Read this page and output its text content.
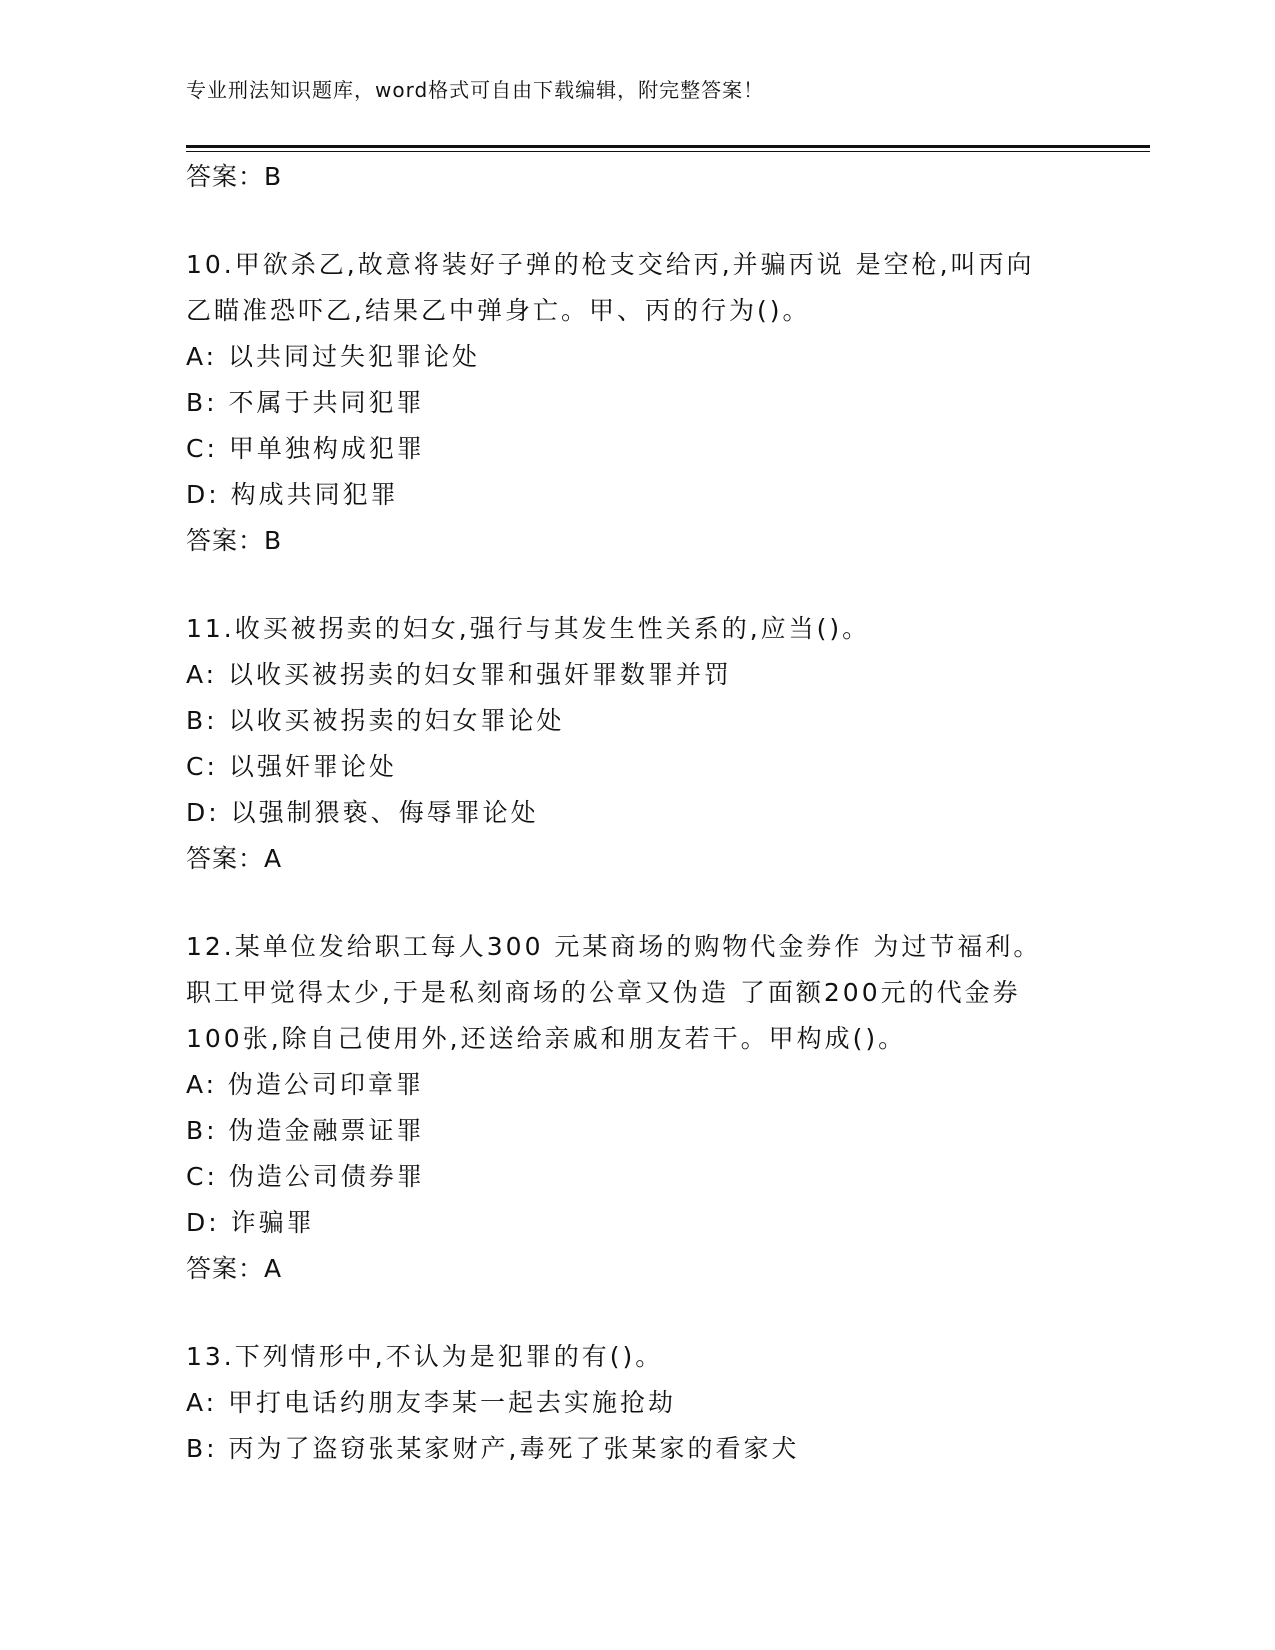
专业刑法知识题库，word格式可自由下载编辑，附完整答案！
答案：B
10.甲欲杀乙,故意将装好子弹的枪支交给丙,并骗丙说 是空枪,叫丙向
乙瞄准恐吓乙,结果乙中弹身亡。甲、丙的行为()。
A: 以共同过失犯罪论处
B: 不属于共同犯罪
C: 甲单独构成犯罪
D: 构成共同犯罪
答案：B
11.收买被拐卖的妇女,强行与其发生性关系的,应当()。
A: 以收买被拐卖的妇女罪和强奸罪数罪并罚
B: 以收买被拐卖的妇女罪论处
C: 以强奸罪论处
D: 以强制猥亵、侮辱罪论处
答案：A
12.某单位发给职工每人300 元某商场的购物代金券作 为过节福利。
职工甲觉得太少,于是私刻商场的公章又伪造 了面额200元的代金券
100张,除自己使用外,还送给亲戚和朋友若干。甲构成()。
A: 伪造公司印章罪
B: 伪造金融票证罪
C: 伪造公司债券罪
D: 诈骗罪
答案：A
13.下列情形中,不认为是犯罪的有()。
A: 甲打电话约朋友李某一起去实施抢劫
B: 丙为了盗窃张某家财产,毒死了张某家的看家犬
